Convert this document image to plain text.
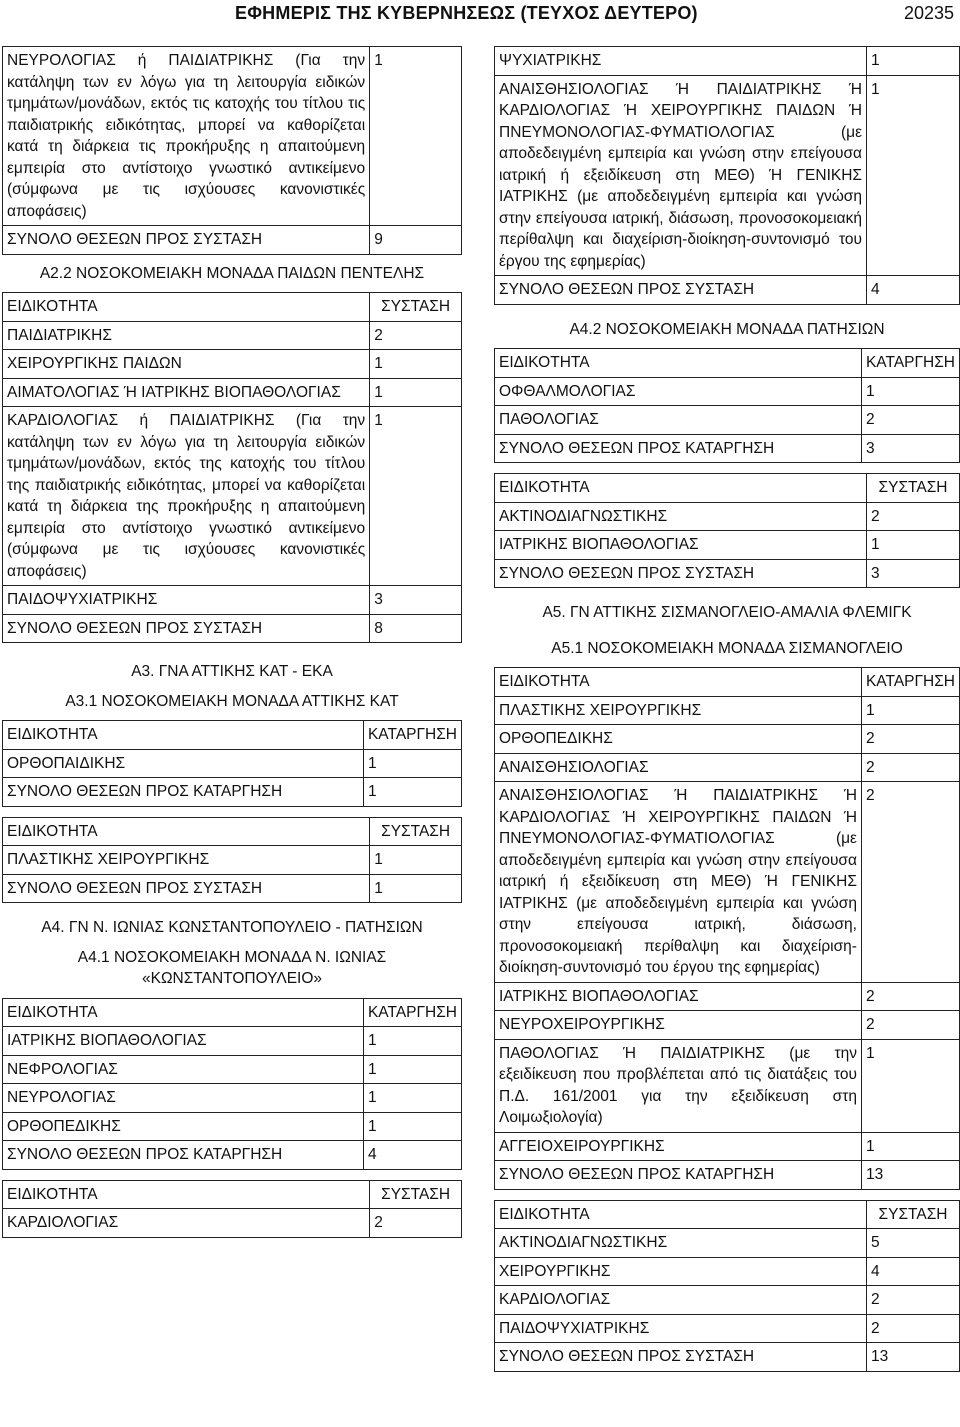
ΕΦΗΜΕΡΙΣ ΤΗΣ ΚΥΒΕΡΝΗΣΕΩΣ (ΤΕΥΧΟΣ ΔΕΥΤΕΡΟ)	20235
ΝΕΥΡΟΛΟΓΙΑΣ ή ΠΑΙΔΙΑΤΡΙΚΗΣ (Για την κατάληψη των εν λόγω για τη λειτουργία ειδικών τμημάτων/μονάδων, εκτός τις κατοχής του τίτλου τις παιδιατρικής ειδικότητας, μπορεί να καθορίζεται κατά τη διάρκεια τις προκήρυξης η απαιτούμενη εμπειρία στο αντίστοιχο γνωστικό αντικείμενο (σύμφωνα με τις ισχύουσες κανονιστικές αποφάσεις)	1
ΣΥΝΟΛΟ ΘΕΣΕΩΝ ΠΡΟΣ ΣΥΣΤΑΣΗ	9
Α2.2 ΝΟΣΟΚΟΜΕΙΑΚΗ ΜΟΝΑΔΑ ΠΑΙΔΩΝ ΠΕΝΤΕΛΗΣ
ΕΙΔΙΚΟΤΗΤΑ	ΣΥΣΤΑΣΗ
ΠΑΙΔΙΑΤΡΙΚΗΣ	2
ΧΕΙΡΟΥΡΓΙΚΗΣ ΠΑΙΔΩΝ	1
ΑΙΜΑΤΟΛΟΓΙΑΣ Ή ΙΑΤΡΙΚΗΣ ΒΙΟΠΑΘΟΛΟΓΙΑΣ	1
ΚΑΡΔΙΟΛΟΓΙΑΣ ή ΠΑΙΔΙΑΤΡΙΚΗΣ (Για την κατάληψη των εν λόγω για τη λειτουργία ειδικών τμημάτων/μονάδων, εκτός της κατοχής του τίτλου της παιδιατρικής ειδικότητας, μπορεί να καθορίζεται κατά τη διάρκεια της προκήρυξης η απαιτούμενη εμπειρία στο αντίστοιχο γνωστικό αντικείμενο (σύμφωνα με τις ισχύουσες κανονιστικές αποφάσεις)	1
ΠΑΙΔΟΨΥΧΙΑΤΡΙΚΗΣ	3
ΣΥΝΟΛΟ ΘΕΣΕΩΝ ΠΡΟΣ ΣΥΣΤΑΣΗ	8
Α3. ΓΝΑ ΑΤΤΙΚΗΣ ΚΑΤ - ΕΚΑ
Α3.1 ΝΟΣΟΚΟΜΕΙΑΚΗ ΜΟΝΑΔΑ ΑΤΤΙΚΗΣ ΚΑΤ
ΕΙΔΙΚΟΤΗΤΑ	ΚΑΤΑΡΓΗΣΗ
ΟΡΘΟΠΑΙΔΙΚΗΣ	1
ΣΥΝΟΛΟ ΘΕΣΕΩΝ ΠΡΟΣ ΚΑΤΑΡΓΗΣΗ	1
ΕΙΔΙΚΟΤΗΤΑ	ΣΥΣΤΑΣΗ
ΠΛΑΣΤΙΚΗΣ ΧΕΙΡΟΥΡΓΙΚΗΣ	1
ΣΥΝΟΛΟ ΘΕΣΕΩΝ ΠΡΟΣ ΣΥΣΤΑΣΗ	1
Α4. ΓΝ Ν. ΙΩΝΙΑΣ ΚΩΝΣΤΑΝΤΟΠΟΥΛΕΙΟ - ΠΑΤΗΣΙΩΝ
Α4.1 ΝΟΣΟΚΟΜΕΙΑΚΗ ΜΟΝΑΔΑ Ν. ΙΩΝΙΑΣ
«ΚΩΝΣΤΑΝΤΟΠΟΥΛΕΙΟ»
ΕΙΔΙΚΟΤΗΤΑ	ΚΑΤΑΡΓΗΣΗ
ΙΑΤΡΙΚΗΣ ΒΙΟΠΑΘΟΛΟΓΙΑΣ	1
ΝΕΦΡΟΛΟΓΙΑΣ	1
ΝΕΥΡΟΛΟΓΙΑΣ	1
ΟΡΘΟΠΕΔΙΚΗΣ	1
ΣΥΝΟΛΟ ΘΕΣΕΩΝ ΠΡΟΣ ΚΑΤΑΡΓΗΣΗ	4
ΕΙΔΙΚΟΤΗΤΑ	ΣΥΣΤΑΣΗ
ΚΑΡΔΙΟΛΟΓΙΑΣ	2
ΨΥΧΙΑΤΡΙΚΗΣ	1
ΑΝΑΙΣΘΗΣΙΟΛΟΓΙΑΣ Ή ΠΑΙΔΙΑΤΡΙΚΗΣ Ή ΚΑΡΔΙΟΛΟΓΙΑΣ Ή ΧΕΙΡΟΥΡΓΙΚΗΣ ΠΑΙΔΩΝ Ή ΠΝΕΥΜΟΝΟΛΟΓΙΑΣ-ΦΥΜΑΤΙΟΛΟΓΙΑΣ (με αποδεδειγμένη εμπειρία και γνώση στην επείγουσα ιατρική ή εξειδίκευση στη ΜΕΘ) Ή ΓΕΝΙΚΗΣ ΙΑΤΡΙΚΗΣ (με αποδεδειγμένη εμπειρία και γνώση στην επείγουσα ιατρική, διάσωση, προνοσοκομειακή περίθαλψη και διαχείριση-διοίκηση-συντονισμό του έργου της εφημερίας)	1
ΣΥΝΟΛΟ ΘΕΣΕΩΝ ΠΡΟΣ ΣΥΣΤΑΣΗ	4
Α4.2 ΝΟΣΟΚΟΜΕΙΑΚΗ ΜΟΝΑΔΑ ΠΑΤΗΣΙΩΝ
ΕΙΔΙΚΟΤΗΤΑ	ΚΑΤΑΡΓΗΣΗ
ΟΦΘΑΛΜΟΛΟΓΙΑΣ	1
ΠΑΘΟΛΟΓΙΑΣ	2
ΣΥΝΟΛΟ ΘΕΣΕΩΝ ΠΡΟΣ ΚΑΤΑΡΓΗΣΗ	3
ΕΙΔΙΚΟΤΗΤΑ	ΣΥΣΤΑΣΗ
ΑΚΤΙΝΟΔΙΑΓΝΩΣΤΙΚΗΣ	2
ΙΑΤΡΙΚΗΣ ΒΙΟΠΑΘΟΛΟΓΙΑΣ	1
ΣΥΝΟΛΟ ΘΕΣΕΩΝ ΠΡΟΣ ΣΥΣΤΑΣΗ	3
Α5. ΓΝ ΑΤΤΙΚΗΣ ΣΙΣΜΑΝΟΓΛΕΙΟ-ΑΜΑΛΙΑ ΦΛΕΜΙΓΚ
Α5.1 ΝΟΣΟΚΟΜΕΙΑΚΗ ΜΟΝΑΔΑ ΣΙΣΜΑΝΟΓΛΕΙΟ
ΕΙΔΙΚΟΤΗΤΑ	ΚΑΤΑΡΓΗΣΗ
ΠΛΑΣΤΙΚΗΣ ΧΕΙΡΟΥΡΓΙΚΗΣ	1
ΟΡΘΟΠΕΔΙΚΗΣ	2
ΑΝΑΙΣΘΗΣΙΟΛΟΓΙΑΣ	2
ΑΝΑΙΣΘΗΣΙΟΛΟΓΙΑΣ Ή ΠΑΙΔΙΑΤΡΙΚΗΣ Ή ΚΑΡΔΙΟΛΟΓΙΑΣ Ή ΧΕΙΡΟΥΡΓΙΚΗΣ ΠΑΙΔΩΝ Ή ΠΝΕΥΜΟΝΟΛΟΓΙΑΣ-ΦΥΜΑΤΙΟΛΟΓΙΑΣ (με αποδεδειγμένη εμπειρία και γνώση στην επείγουσα ιατρική ή εξειδίκευση στη ΜΕΘ) Ή ΓΕΝΙΚΗΣ ΙΑΤΡΙΚΗΣ (με αποδεδειγμένη εμπειρία και γνώση στην επείγουσα ιατρική, διάσωση, προνοσοκομειακή περίθαλψη και διαχείριση-διοίκηση-συντονισμό του έργου της εφημερίας)	2
ΙΑΤΡΙΚΗΣ ΒΙΟΠΑΘΟΛΟΓΙΑΣ	2
ΝΕΥΡΟΧΕΙΡΟΥΡΓΙΚΗΣ	2
ΠΑΘΟΛΟΓΙΑΣ Ή ΠΑΙΔΙΑΤΡΙΚΗΣ (με την εξειδίκευση που προβλέπεται από τις διατάξεις του Π.Δ. 161/2001 για την εξειδίκευση στη Λοιμωξιολογία)	1
ΑΓΓΕΙΟΧΕΙΡΟΥΡΓΙΚΗΣ	1
ΣΥΝΟΛΟ ΘΕΣΕΩΝ ΠΡΟΣ ΚΑΤΑΡΓΗΣΗ	13
ΕΙΔΙΚΟΤΗΤΑ	ΣΥΣΤΑΣΗ
ΑΚΤΙΝΟΔΙΑΓΝΩΣΤΙΚΗΣ	5
ΧΕΙΡΟΥΡΓΙΚΗΣ	4
ΚΑΡΔΙΟΛΟΓΙΑΣ	2
ΠΑΙΔΟΨΥΧΙΑΤΡΙΚΗΣ	2
ΣΥΝΟΛΟ ΘΕΣΕΩΝ ΠΡΟΣ ΣΥΣΤΑΣΗ	13
